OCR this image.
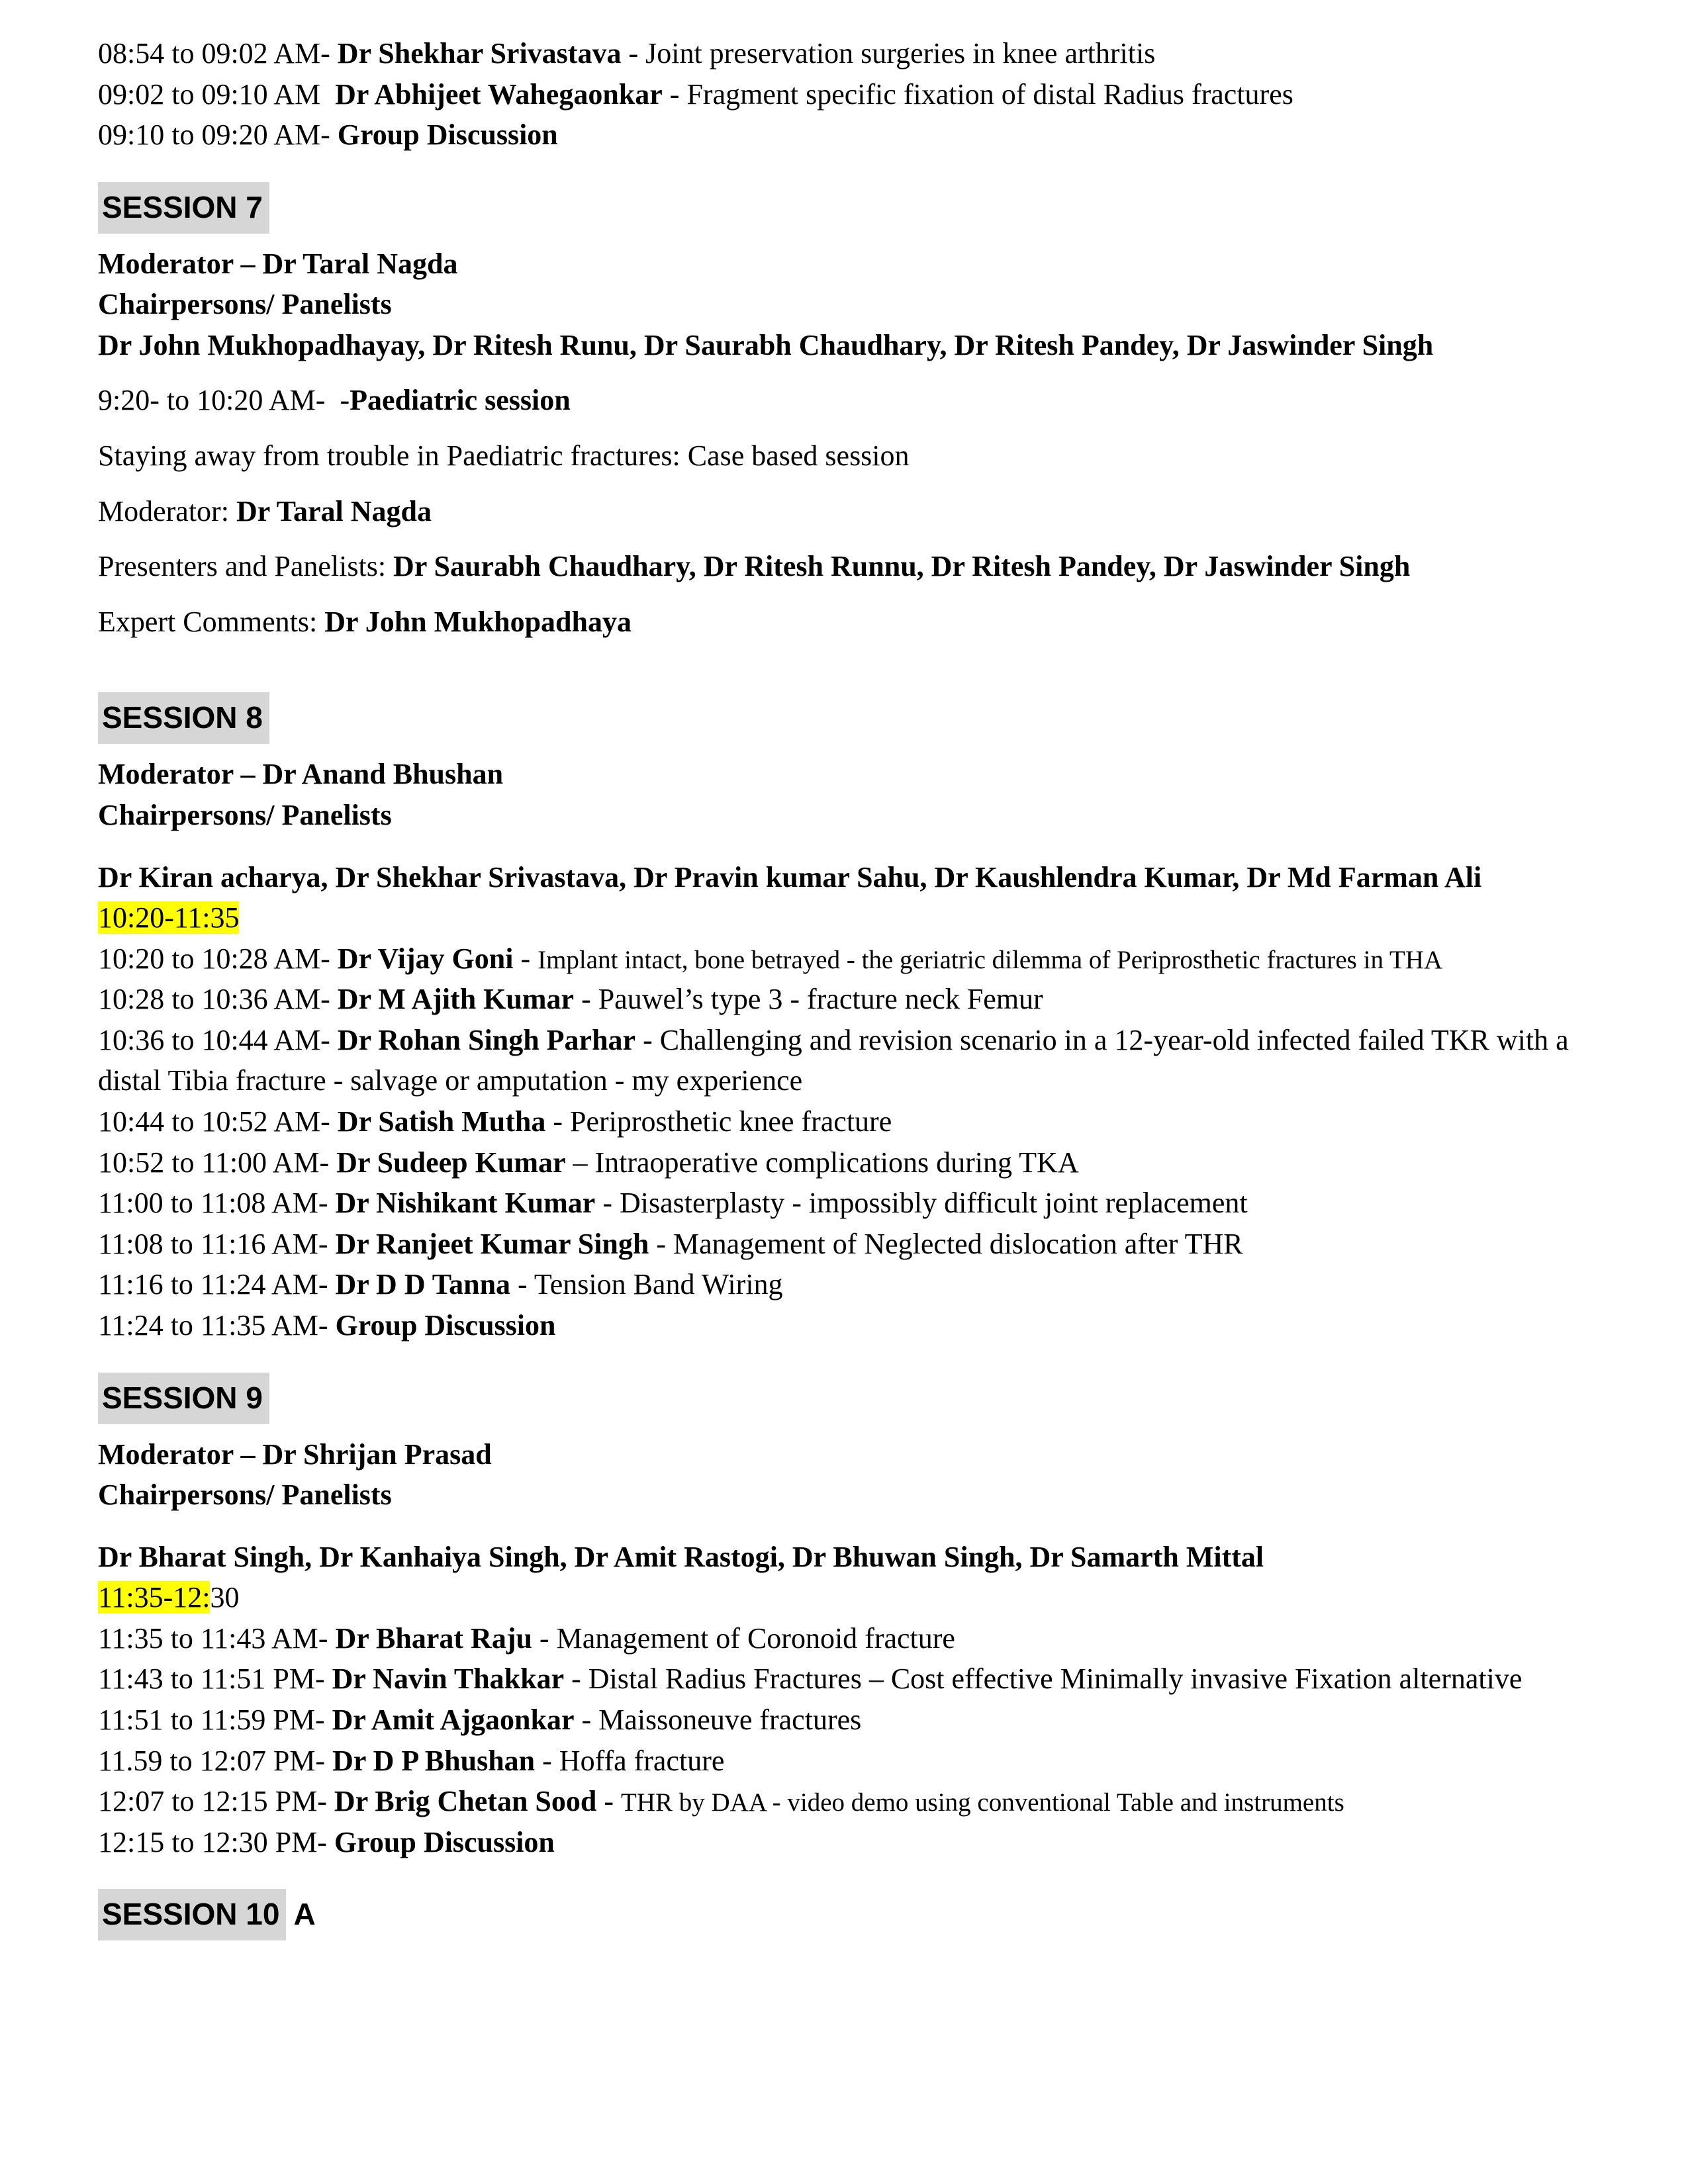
08:54 to 09:02 AM- Dr Shekhar Srivastava - Joint preservation surgeries in knee arthritis
09:02 to 09:10 AM  Dr Abhijeet Wahegaonkar - Fragment specific fixation of distal Radius fractures
09:10 to 09:20 AM- Group Discussion
SESSION 7
Moderator – Dr Taral Nagda
Chairpersons/ Panelists
Dr John Mukhopadhayay, Dr Ritesh Runu, Dr Saurabh Chaudhary, Dr Ritesh Pandey, Dr Jaswinder Singh
9:20- to 10:20 AM-  -Paediatric session
Staying away from trouble in Paediatric fractures: Case based session
Moderator: Dr Taral Nagda
Presenters and Panelists: Dr Saurabh Chaudhary, Dr Ritesh Runnu, Dr Ritesh Pandey, Dr Jaswinder Singh
Expert Comments: Dr John Mukhopadhaya
SESSION 8
Moderator – Dr Anand Bhushan
Chairpersons/ Panelists
Dr Kiran acharya, Dr Shekhar Srivastava, Dr Pravin kumar Sahu, Dr Kaushlendra Kumar, Dr Md Farman Ali
10:20-11:35
10:20 to 10:28 AM- Dr Vijay Goni - Implant intact, bone betrayed - the geriatric dilemma of Periprosthetic fractures in THA
10:28 to 10:36 AM- Dr M Ajith Kumar - Pauwel’s type 3 - fracture neck Femur
10:36 to 10:44 AM- Dr Rohan Singh Parhar - Challenging and revision scenario in a 12-year-old infected failed TKR with a distal Tibia fracture - salvage or amputation - my experience
10:44 to 10:52 AM- Dr Satish Mutha - Periprosthetic knee fracture
10:52 to 11:00 AM- Dr Sudeep Kumar – Intraoperative complications during TKA
11:00 to 11:08 AM- Dr Nishikant Kumar - Disasterplasty - impossibly difficult joint replacement
11:08 to 11:16 AM- Dr Ranjeet Kumar Singh - Management of Neglected dislocation after THR
11:16 to 11:24 AM- Dr D D Tanna - Tension Band Wiring
11:24 to 11:35 AM- Group Discussion
SESSION 9
Moderator – Dr Shrijan Prasad
Chairpersons/ Panelists
Dr Bharat Singh, Dr Kanhaiya Singh, Dr Amit Rastogi, Dr Bhuwan Singh, Dr Samarth Mittal
11:35-12:30
11:35 to 11:43 AM- Dr Bharat Raju - Management of Coronoid fracture
11:43 to 11:51 PM- Dr Navin Thakkar - Distal Radius Fractures – Cost effective Minimally invasive Fixation alternative
11:51 to 11:59 PM- Dr Amit Ajgaonkar - Maissoneuve fractures
11.59 to 12:07 PM- Dr D P Bhushan - Hoffa fracture
12:07 to 12:15 PM- Dr Brig Chetan Sood - THR by DAA - video demo using conventional Table and instruments
12:15 to 12:30 PM- Group Discussion
SESSION 10 A
